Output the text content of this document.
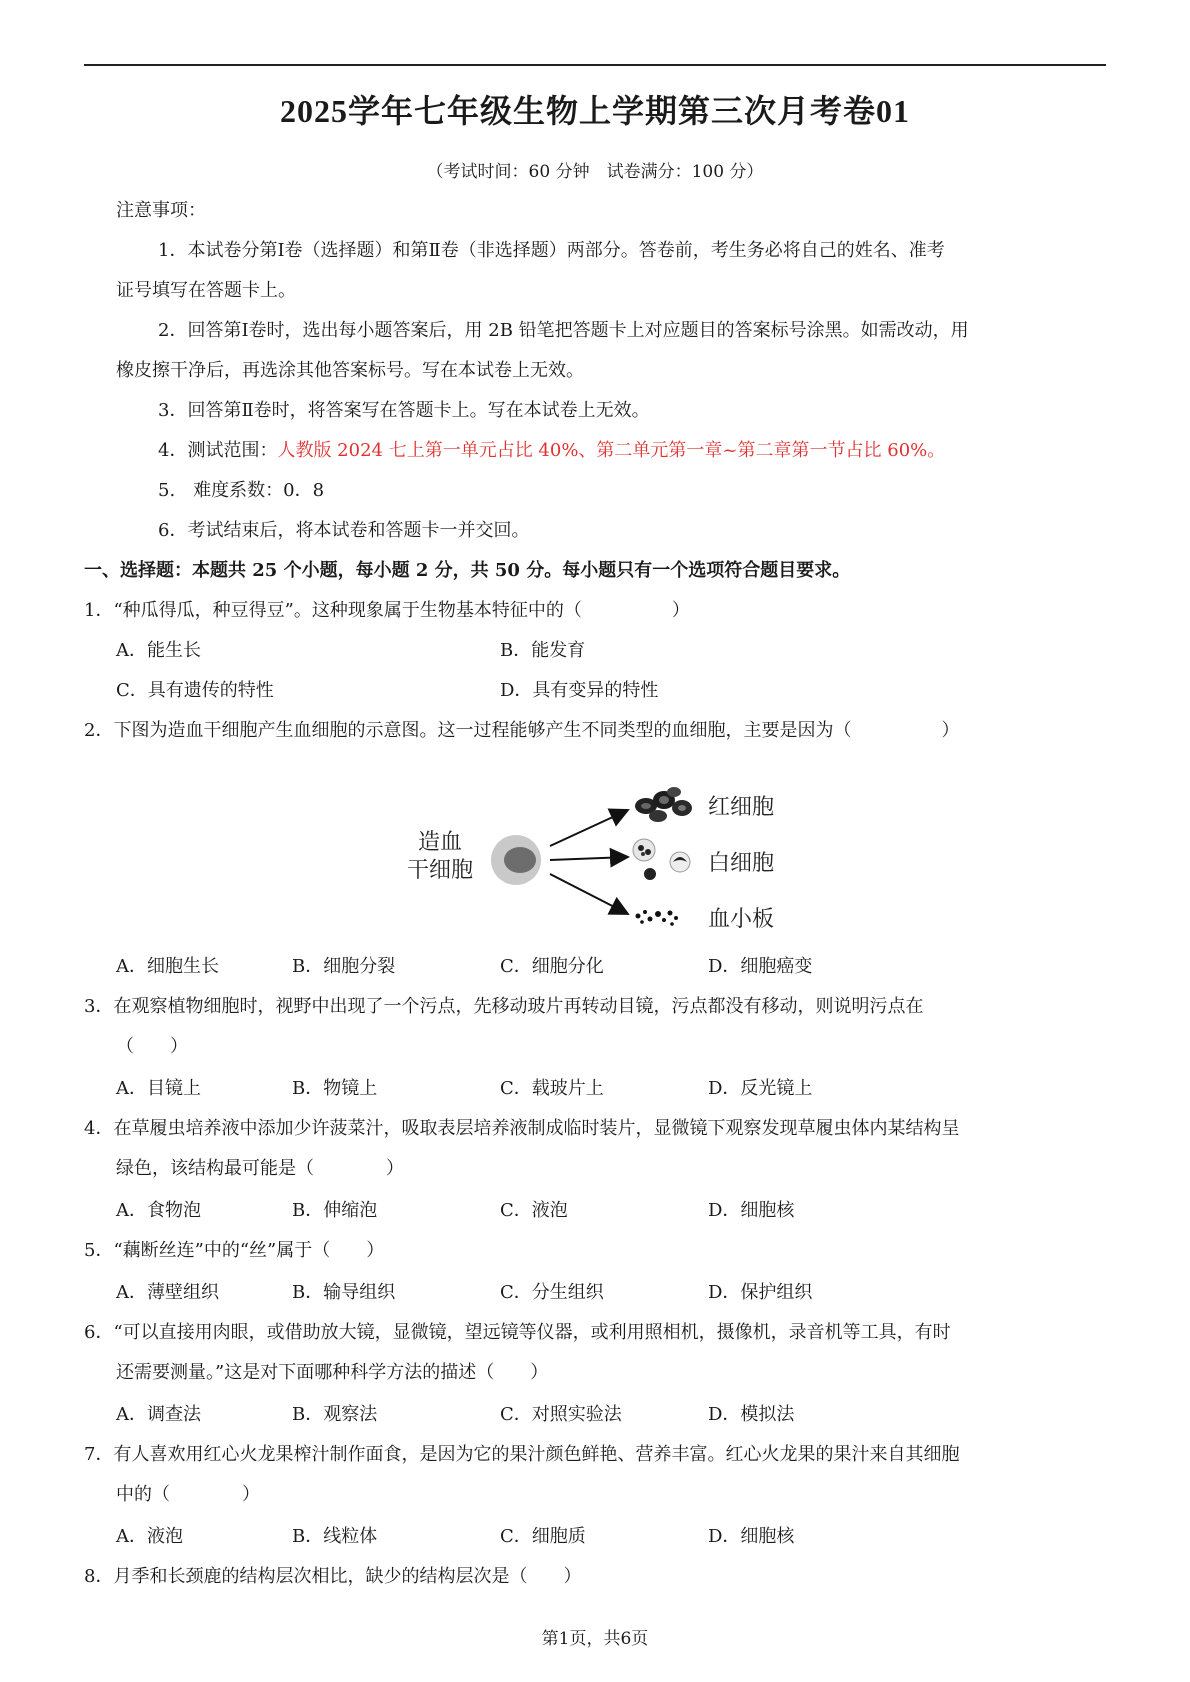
2025学年七年级生物上学期第三次月考卷01
（考试时间：60 分钟　试卷满分：100 分）
注意事项：
1．本试卷分第Ⅰ卷（选择题）和第Ⅱ卷（非选择题）两部分。答卷前，考生务必将自己的姓名、准考
证号填写在答题卡上。
2．回答第Ⅰ卷时，选出每小题答案后，用 2B 铅笔把答题卡上对应题目的答案标号涂黑。如需改动，用
橡皮擦干净后，再选涂其他答案标号。写在本试卷上无效。
3．回答第Ⅱ卷时，将答案写在答题卡上。写在本试卷上无效。
4．测试范围：人教版 2024 七上第一单元占比 40%、第二单元第一章~第二章第一节占比 60%。
5.　难度系数：0．8
6．考试结束后，将本试卷和答题卡一并交回。
一、选择题：本题共 25 个小题，每小题 2 分，共 50 分。每小题只有一个选项符合题目要求。
1．“种瓜得瓜，种豆得豆”。这种现象属于生物基本特征中的（　　　　　）
A．能生长	B．能发育
C．具有遗传的特性	D．具有变异的特性
2．下图为造血干细胞产生血细胞的示意图。这一过程能够产生不同类型的血细胞，主要是因为（　　　　　）
造血
干细胞
红细胞
白细胞
血小板
A．细胞生长	B．细胞分裂	C．细胞分化	D．细胞癌变
3．在观察植物细胞时，视野中出现了一个污点，先移动玻片再转动目镜，污点都没有移动，则说明污点在
（　　）
A．目镜上	B．物镜上	C．载玻片上	D．反光镜上
4．在草履虫培养液中添加少许菠菜汁，吸取表层培养液制成临时装片，显微镜下观察发现草履虫体内某结构呈
绿色，该结构最可能是（　　　　）
A．食物泡	B．伸缩泡	C．液泡	D．细胞核
5．“藕断丝连”中的“丝”属于（　　）
A．薄壁组织	B．输导组织	C．分生组织	D．保护组织
6．“可以直接用肉眼，或借助放大镜，显微镜，望远镜等仪器，或利用照相机，摄像机，录音机等工具，有时
还需要测量。”这是对下面哪种科学方法的描述（　　）
A．调查法	B．观察法	C．对照实验法	D．模拟法
7．有人喜欢用红心火龙果榨汁制作面食，是因为它的果汁颜色鲜艳、营养丰富。红心火龙果的果汁来自其细胞
中的（　　　　）
A．液泡	B．线粒体	C．细胞质	D．细胞核
8．月季和长颈鹿的结构层次相比，缺少的结构层次是（　　）
第1页，共6页
